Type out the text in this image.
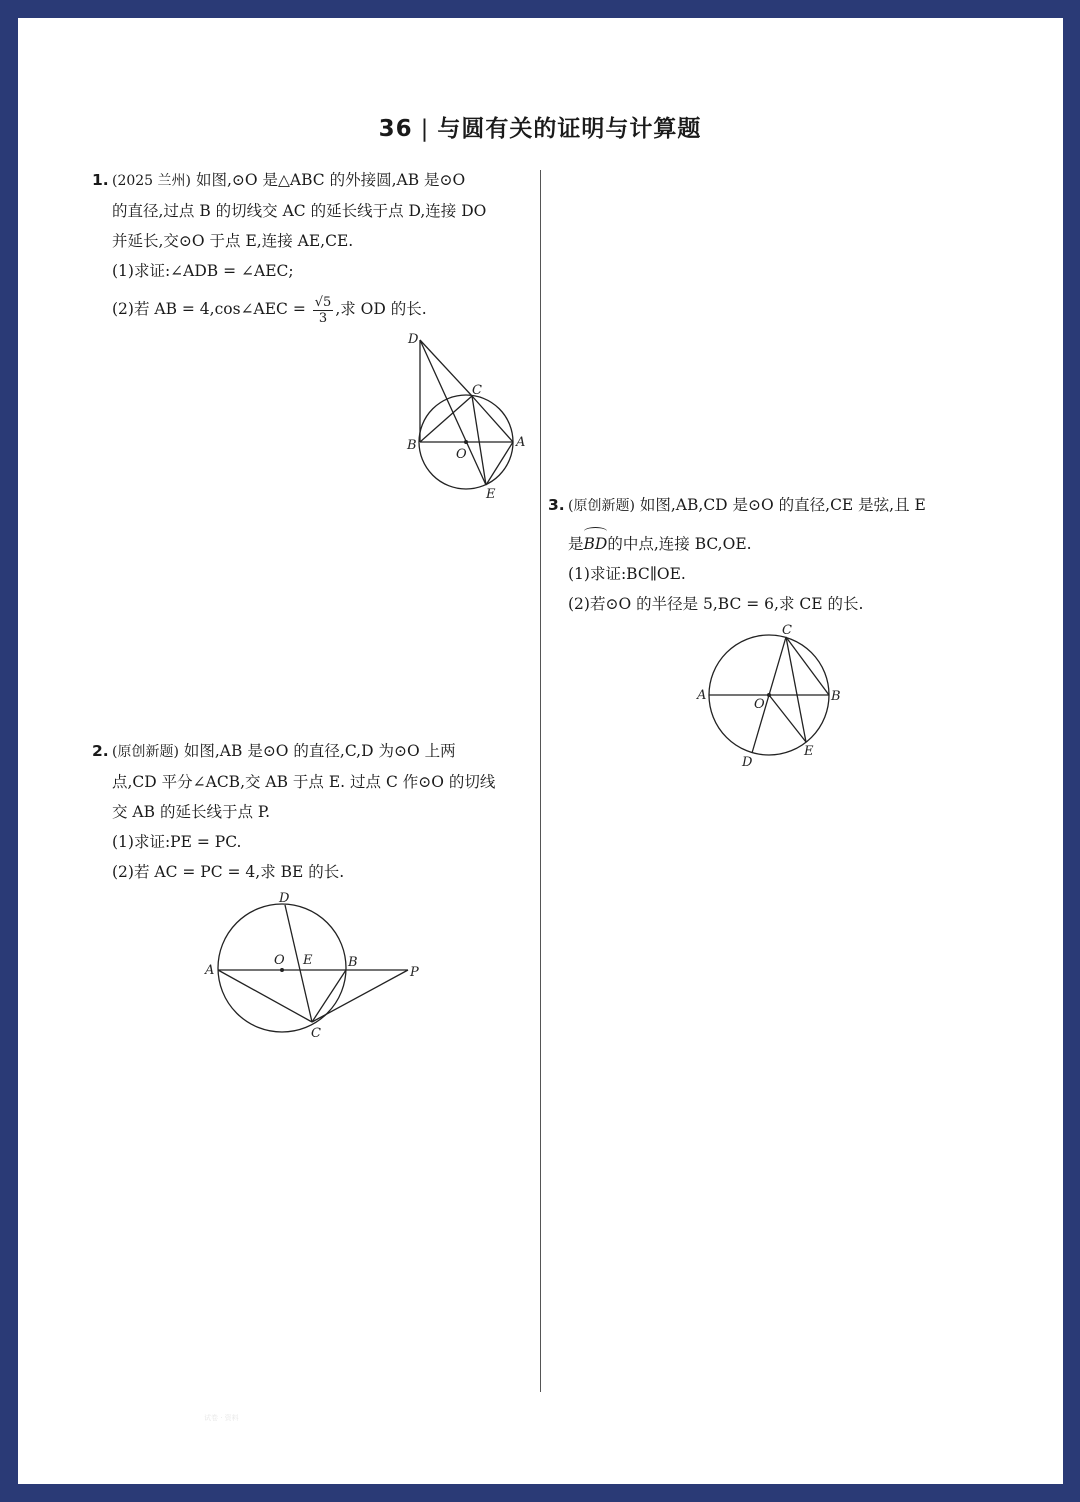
36 | 与圆有关的证明与计算题
1. (2025 兰州) 如图,⊙O 是△ABC 的外接圆,AB 是⊙O
的直径,过点 B 的切线交 AC 的延长线于点 D,连接 DO
并延长,交⊙O 于点 E,连接 AE,CE.
(1)求证:∠ADB = ∠AEC;
(2)若 AB = 4,cos∠AEC = $\frac{√5}{3}$ ,求 OD 的长.
D
C
B	A
O
E
2. (原创新题) 如图,AB 是⊙O 的直径,C,D 为⊙O 上两
点,CD 平分∠ACB,交 AB 于点 E. 过点 C 作⊙O 的切线
交 AB 的延长线于点 P.
(1)求证:PE = PC.
(2)若 AC = PC = 4,求 BE 的长.
D
A
O E	B
P
C
3. (原创新题) 如图,AB,CD 是⊙O 的直径,CE 是弦,且 E
是BD的中点,连接 BC,OE.
(1)求证:BC∥OE.
(2)若⊙O 的半径是 5,BC = 6,求 CE 的长.
C
A
O
B
E
D
试卷 · 资料
